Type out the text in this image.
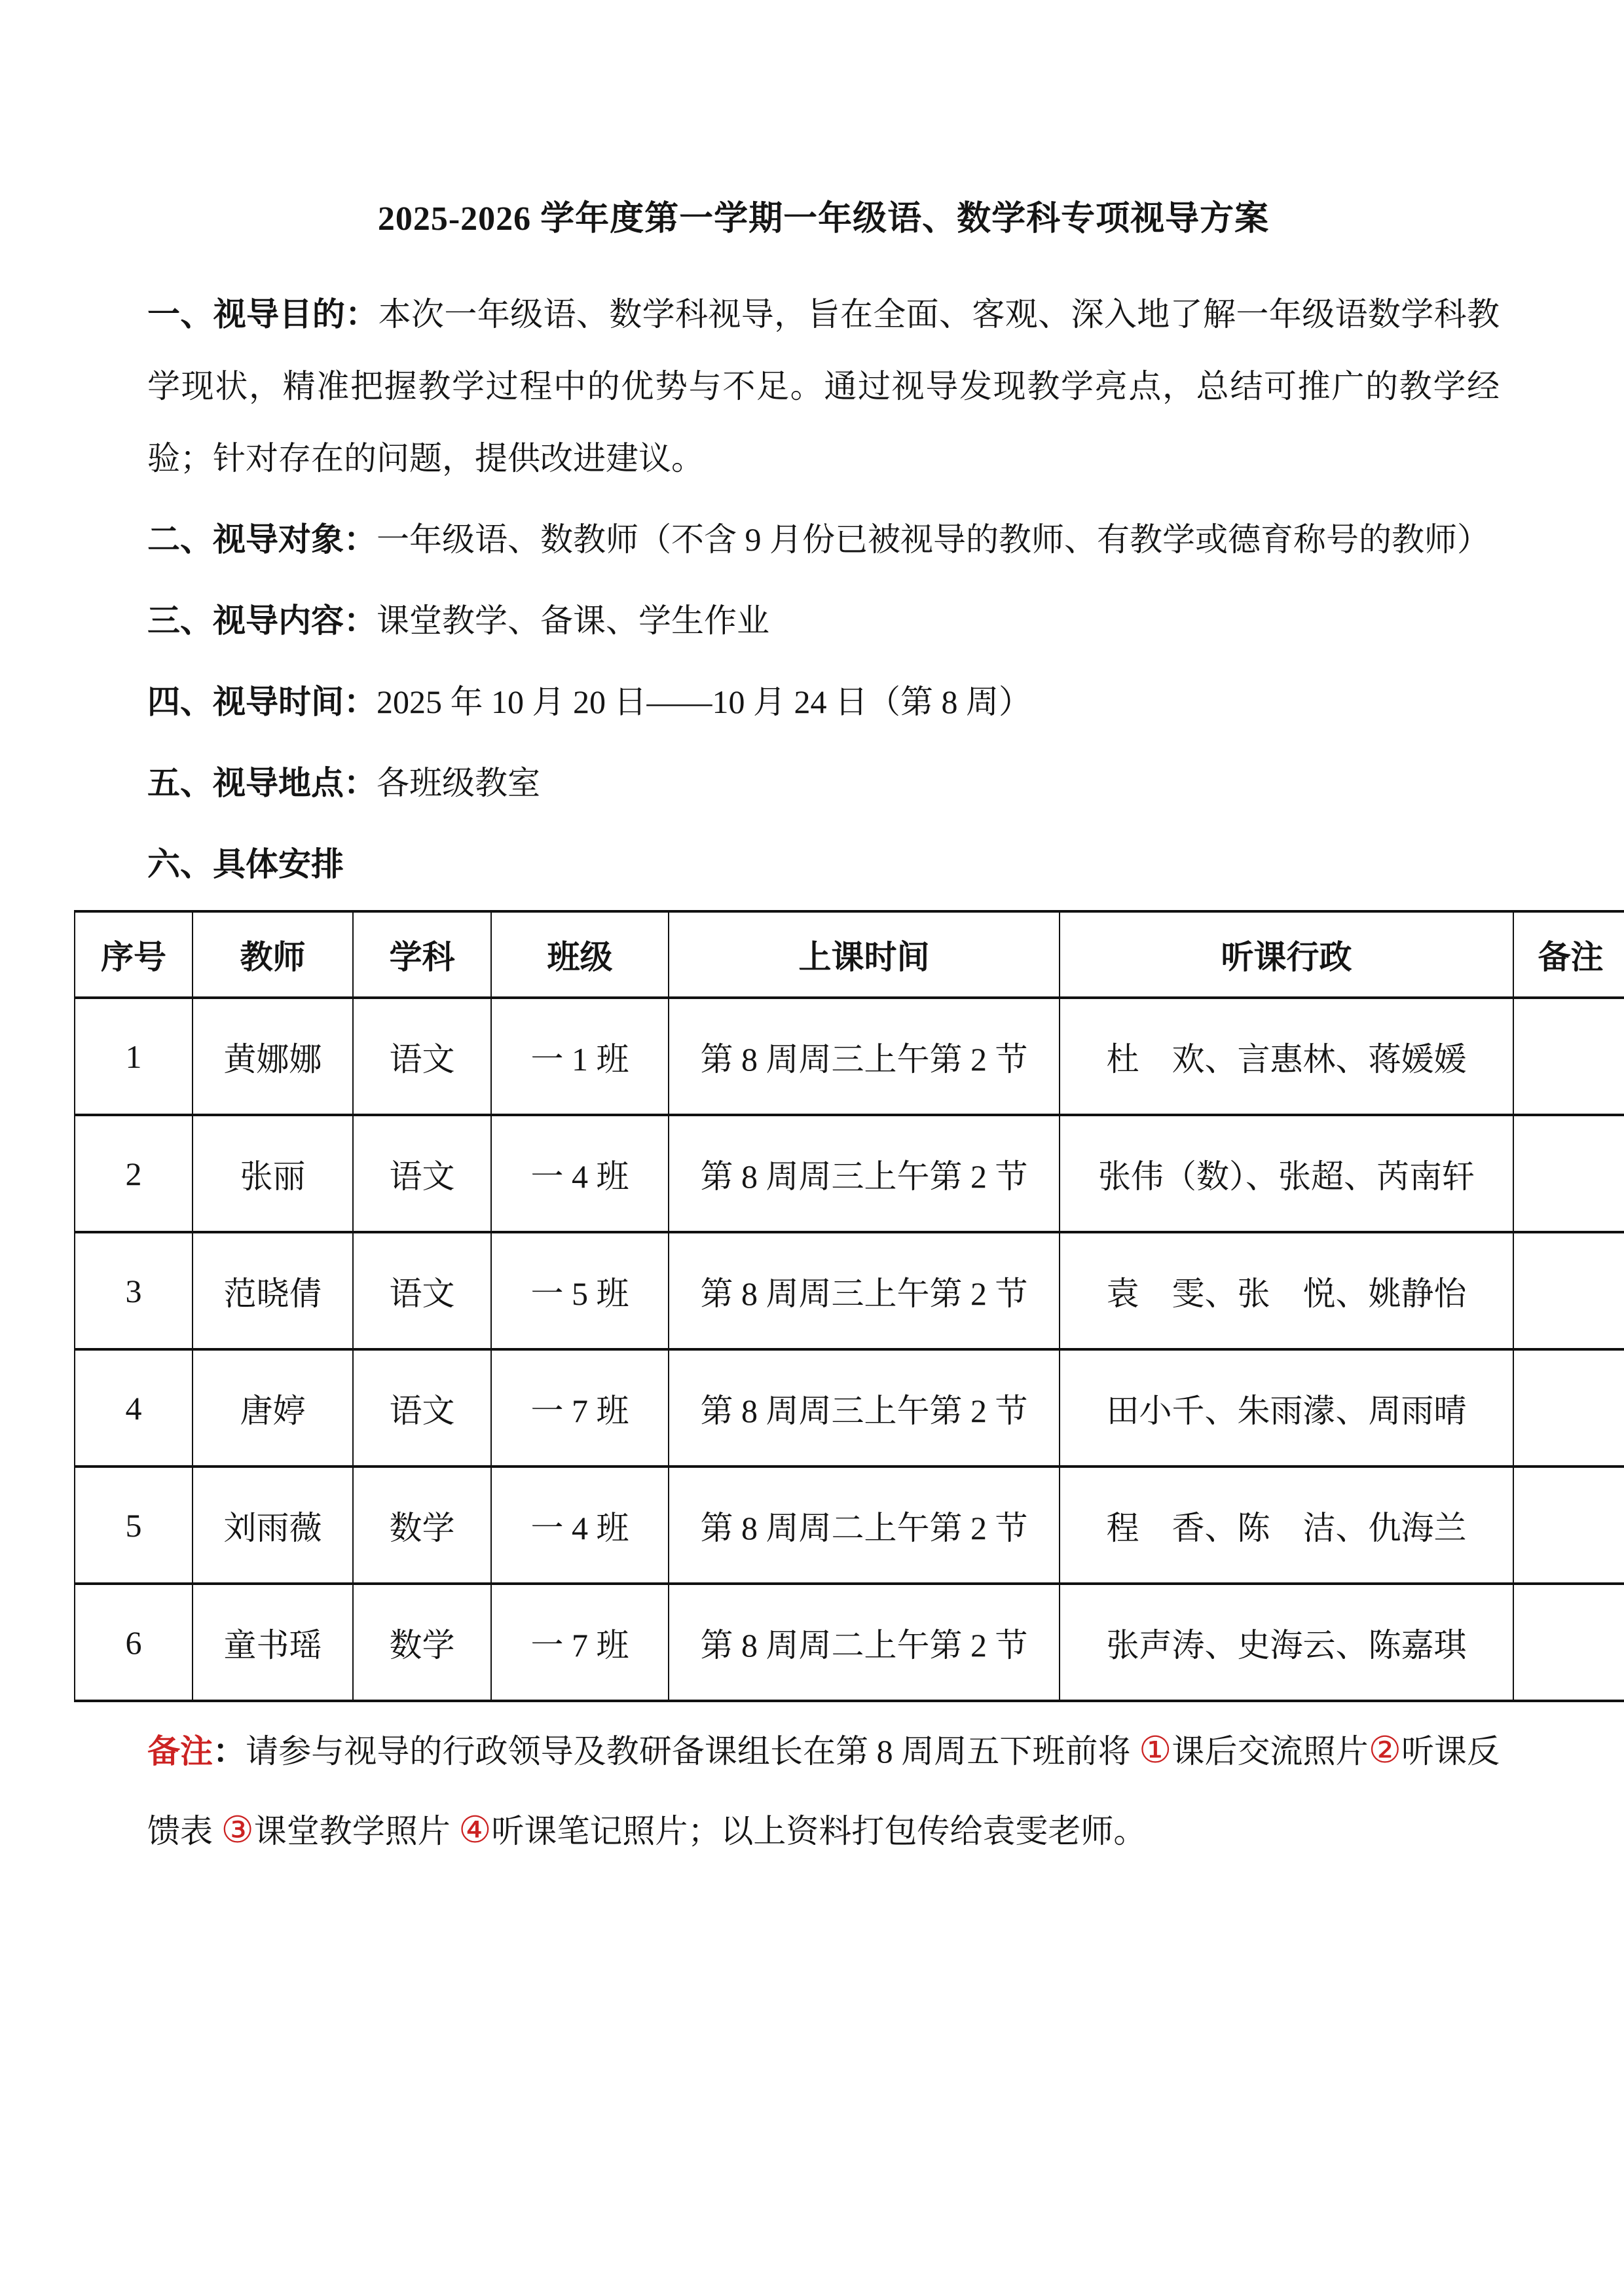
2025-2026 学年度第一学期一年级语、数学科专项视导方案

一、视导目的：本次一年级语、数学科视导，旨在全面、客观、深入地了解一年级语数学科教学现状，精准把握教学过程中的优势与不足。通过视导发现教学亮点，总结可推广的教学经验；针对存在的问题，提供改进建议。

二、视导对象：一年级语、数教师（不含 9 月份已被视导的教师、有教学或德育称号的教师）

三、视导内容：课堂教学、备课、学生作业

四、视导时间：2025 年 10 月 20 日——10 月 24 日（第 8 周）

五、视导地点：各班级教室

六、具体安排

序号	教师	学科	班级	上课时间	听课行政	备注
1	黄娜娜	语文	一 1 班	第 8 周周三上午第 2 节	杜　欢、言惠林、蒋媛媛	
2	张丽	语文	一 4 班	第 8 周周三上午第 2 节	张伟（数）、张超、芮南轩	
3	范晓倩	语文	一 5 班	第 8 周周三上午第 2 节	袁　雯、张　悦、姚静怡	
4	唐婷	语文	一 7 班	第 8 周周三上午第 2 节	田小千、朱雨濛、周雨晴	
5	刘雨薇	数学	一 4 班	第 8 周周二上午第 2 节	程　香、陈　洁、仇海兰	
6	童书瑶	数学	一 7 班	第 8 周周二上午第 2 节	张声涛、史海云、陈嘉琪	

备注：请参与视导的行政领导及教研备课组长在第 8 周周五下班前将 ①课后交流照片②听课反馈表 ③课堂教学照片 ④听课笔记照片；以上资料打包传给袁雯老师。
